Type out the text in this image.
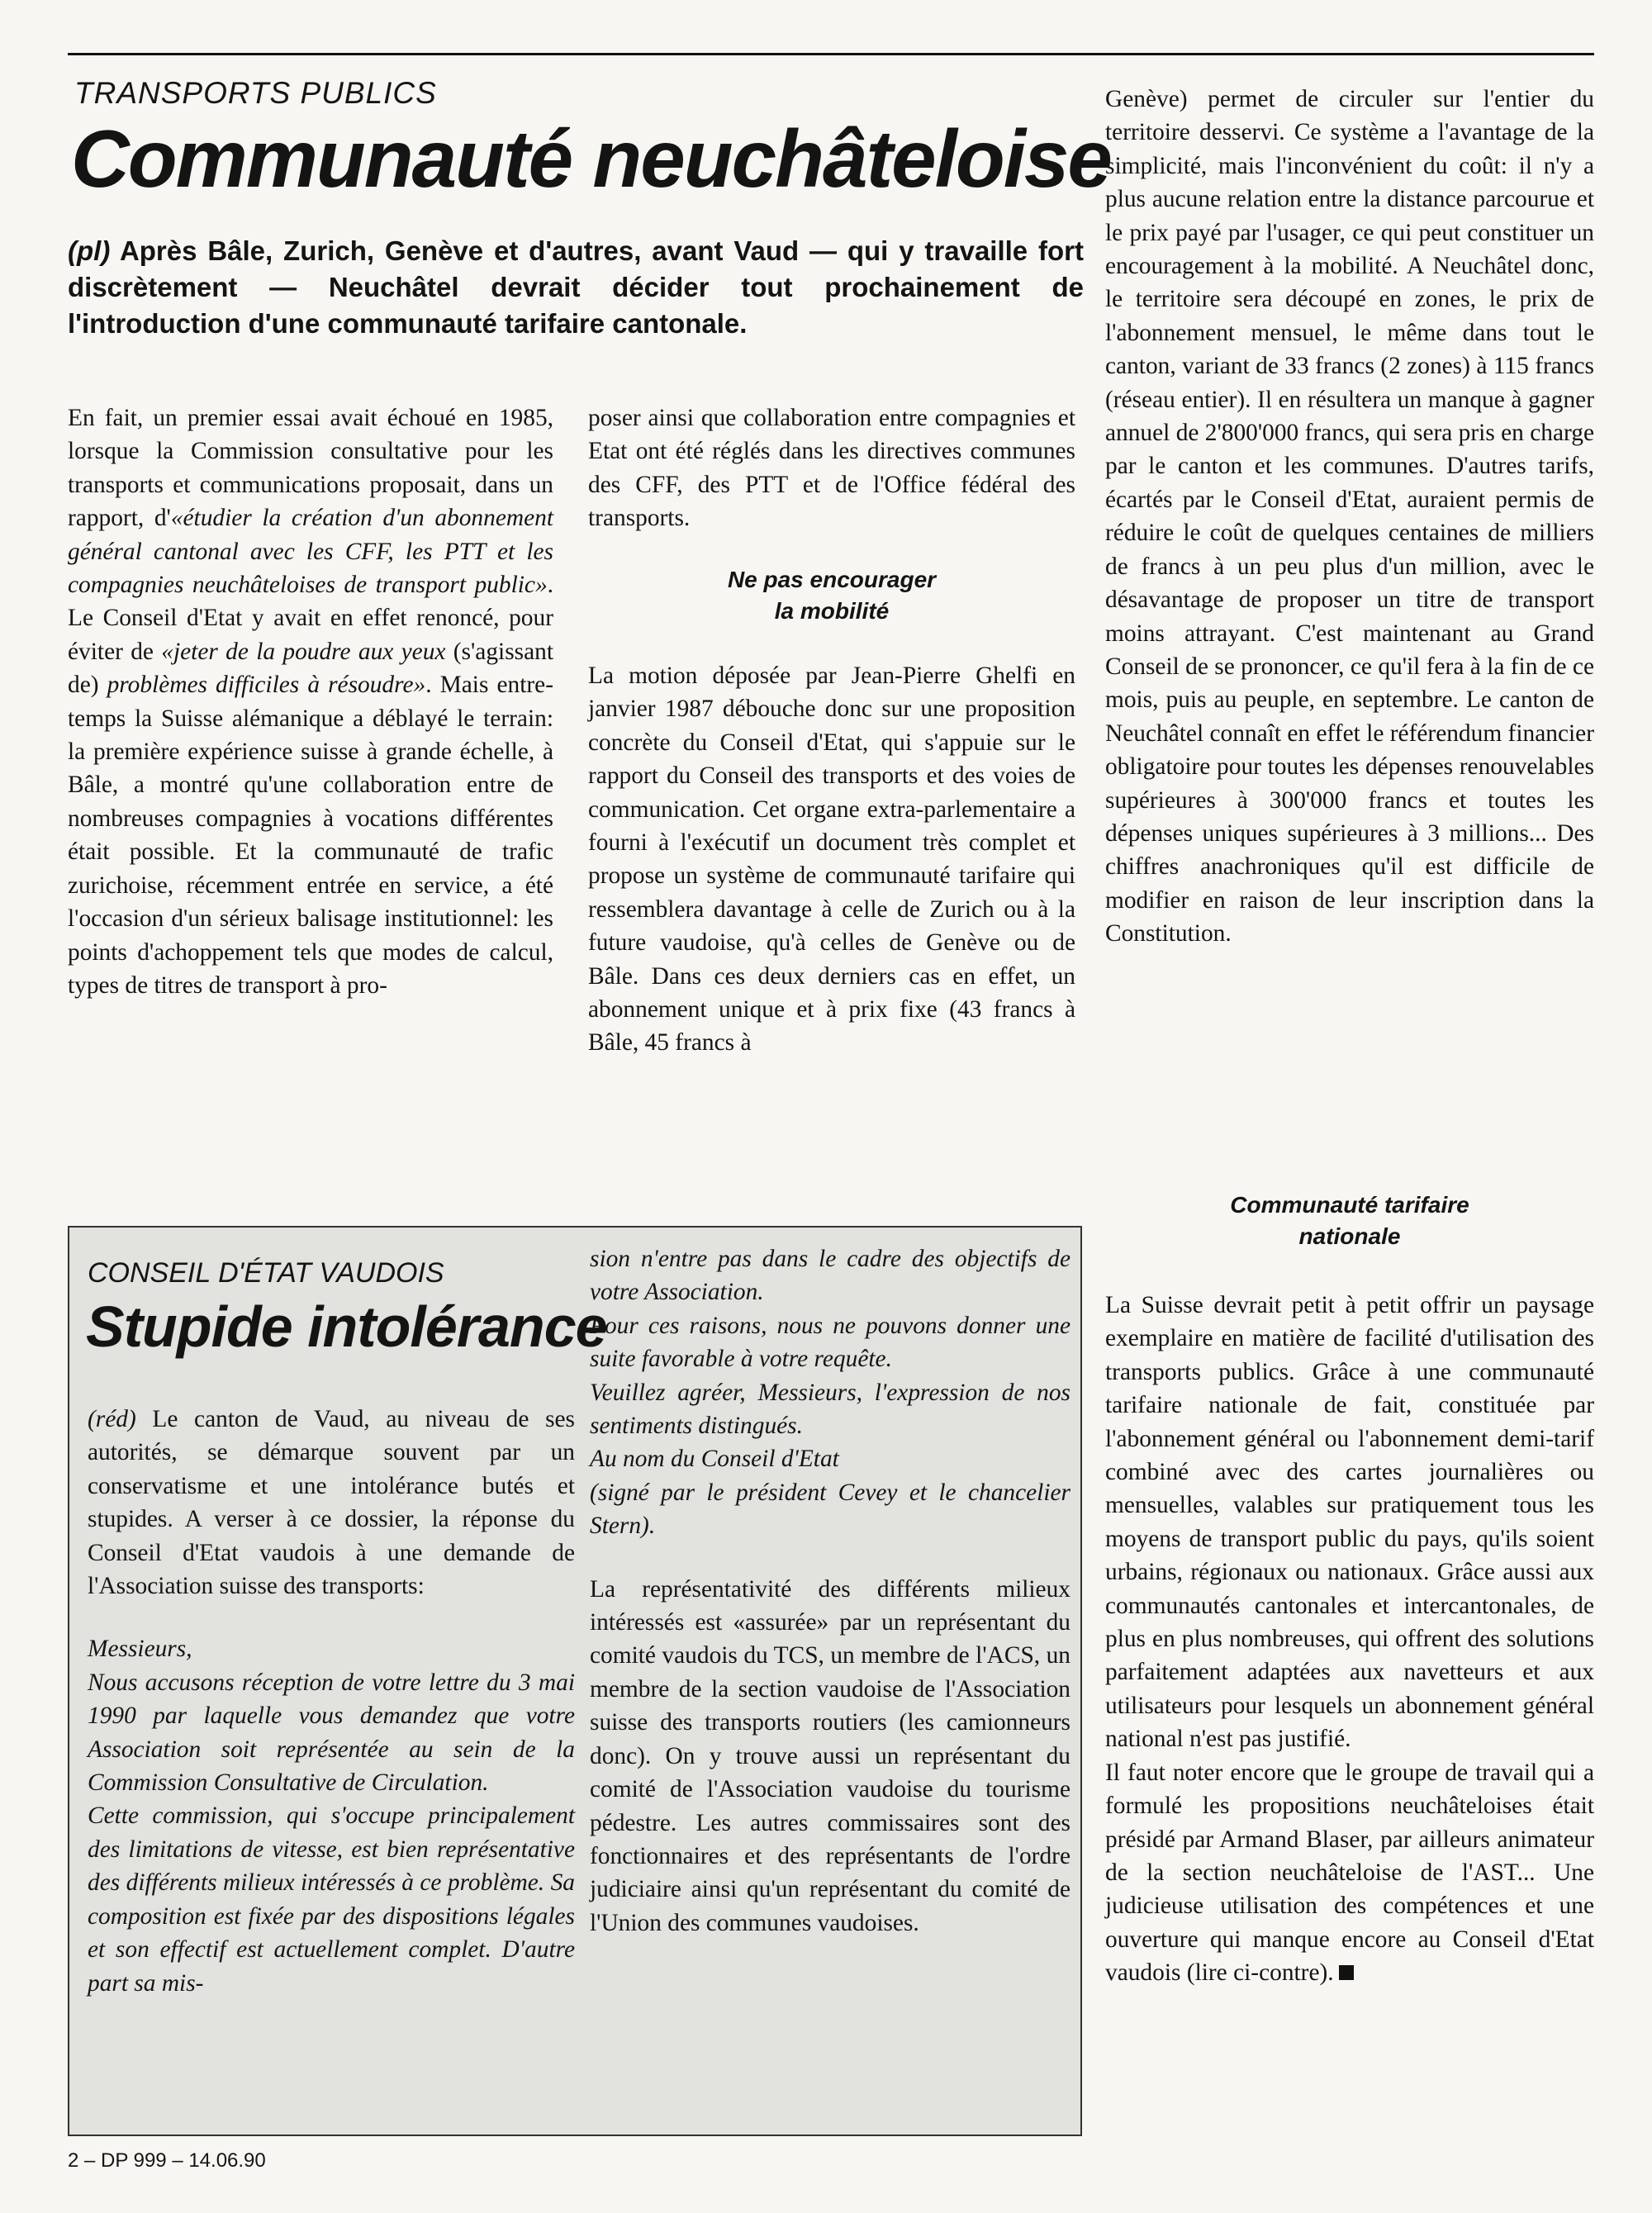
TRANSPORTS PUBLICS
Communauté neuchâteloise

(pl) Après Bâle, Zurich, Genève et d'autres, avant Vaud — qui y travaille fort discrètement — Neuchâtel devrait décider tout prochainement de l'introduction d'une communauté tarifaire cantonale.

En fait, un premier essai avait échoué en 1985, lorsque la Commission consultative pour les transports et communications proposait, dans un rapport, d'«étudier la création d'un abonnement général cantonal avec les CFF, les PTT et les compagnies neuchâteloises de transport public». Le Conseil d'Etat y avait en effet renoncé, pour éviter de «jeter de la poudre aux yeux (s'agissant de) problèmes difficiles à résoudre». Mais entre-temps la Suisse alémanique a déblayé le terrain: la première expérience suisse à grande échelle, à Bâle, a montré qu'une collaboration entre de nombreuses compagnies à vocations différentes était possible. Et la communauté de trafic zurichoise, récemment entrée en service, a été l'occasion d'un sérieux balisage institutionnel: les points d'achoppement tels que modes de calcul, types de titres de transport à pro-

poser ainsi que collaboration entre compagnies et Etat ont été réglés dans les directives communes des CFF, des PTT et de l'Office fédéral des transports.

Ne pas encourager
la mobilité

La motion déposée par Jean-Pierre Ghelfi en janvier 1987 débouche donc sur une proposition concrète du Conseil d'Etat, qui s'appuie sur le rapport du Conseil des transports et des voies de communication. Cet organe extra-parlementaire a fourni à l'exécutif un document très complet et propose un système de communauté tarifaire qui ressemblera davantage à celle de Zurich ou à la future vaudoise, qu'à celles de Genève ou de Bâle. Dans ces deux derniers cas en effet, un abonnement unique et à prix fixe (43 francs à Bâle, 45 francs à

Genève) permet de circuler sur l'entier du territoire desservi. Ce système a l'avantage de la simplicité, mais l'inconvénient du coût: il n'y a plus aucune relation entre la distance parcourue et le prix payé par l'usager, ce qui peut constituer un encouragement à la mobilité. A Neuchâtel donc, le territoire sera découpé en zones, le prix de l'abonnement mensuel, le même dans tout le canton, variant de 33 francs (2 zones) à 115 francs (réseau entier). Il en résultera un manque à gagner annuel de 2'800'000 francs, qui sera pris en charge par le canton et les communes. D'autres tarifs, écartés par le Conseil d'Etat, auraient permis de réduire le coût de quelques centaines de milliers de francs à un peu plus d'un million, avec le désavantage de proposer un titre de transport moins attrayant. C'est maintenant au Grand Conseil de se prononcer, ce qu'il fera à la fin de ce mois, puis au peuple, en septembre. Le canton de Neuchâtel connaît en effet le référendum financier obligatoire pour toutes les dépenses renouvelables supérieures à 300'000 francs et toutes les dépenses uniques supérieures à 3 millions... Des chiffres anachroniques qu'il est difficile de modifier en raison de leur inscription dans la Constitution.

Communauté tarifaire
nationale

La Suisse devrait petit à petit offrir un paysage exemplaire en matière de facilité d'utilisation des transports publics. Grâce à une communauté tarifaire nationale de fait, constituée par l'abonnement général ou l'abonnement demi-tarif combiné avec des cartes journalières ou mensuelles, valables sur pratiquement tous les moyens de transport public du pays, qu'ils soient urbains, régionaux ou nationaux. Grâce aussi aux communautés cantonales et intercantonales, de plus en plus nombreuses, qui offrent des solutions parfaitement adaptées aux navetteurs et aux utilisateurs pour lesquels un abonnement général national n'est pas justifié.

Il faut noter encore que le groupe de travail qui a formulé les propositions neuchâteloises était présidé par Armand Blaser, par ailleurs animateur de la section neuchâteloise de l'AST... Une judicieuse utilisation des compétences et une ouverture qui manque encore au Conseil d'Etat vaudois (lire ci-contre).

CONSEIL D'ÉTAT VAUDOIS
Stupide intolérance

(réd) Le canton de Vaud, au niveau de ses autorités, se démarque souvent par un conservatisme et une intolérance butés et stupides. A verser à ce dossier, la réponse du Conseil d'Etat vaudois à une demande de l'Association suisse des transports:

Messieurs,

Nous accusons réception de votre lettre du 3 mai 1990 par laquelle vous demandez que votre Association soit représentée au sein de la Commission Consultative de Circulation.

Cette commission, qui s'occupe principalement des limitations de vitesse, est bien représentative des différents milieux intéressés à ce problème. Sa composition est fixée par des dispositions légales et son effectif est actuellement complet. D'autre part sa mis-

sion n'entre pas dans le cadre des objectifs de votre Association.

Pour ces raisons, nous ne pouvons donner une suite favorable à votre requête.

Veuillez agréer, Messieurs, l'expression de nos sentiments distingués.

Au nom du Conseil d'Etat

(signé par le président Cevey et le chancelier Stern).

La représentativité des différents milieux intéressés est «assurée» par un représentant du comité vaudois du TCS, un membre de l'ACS, un membre de la section vaudoise de l'Association suisse des transports routiers (les camionneurs donc). On y trouve aussi un représentant du comité de l'Association vaudoise du tourisme pédestre. Les autres commissaires sont des fonctionnaires et des représentants de l'ordre judiciaire ainsi qu'un représentant du comité de l'Union des communes vaudoises.

2 – DP 999 – 14.06.90
